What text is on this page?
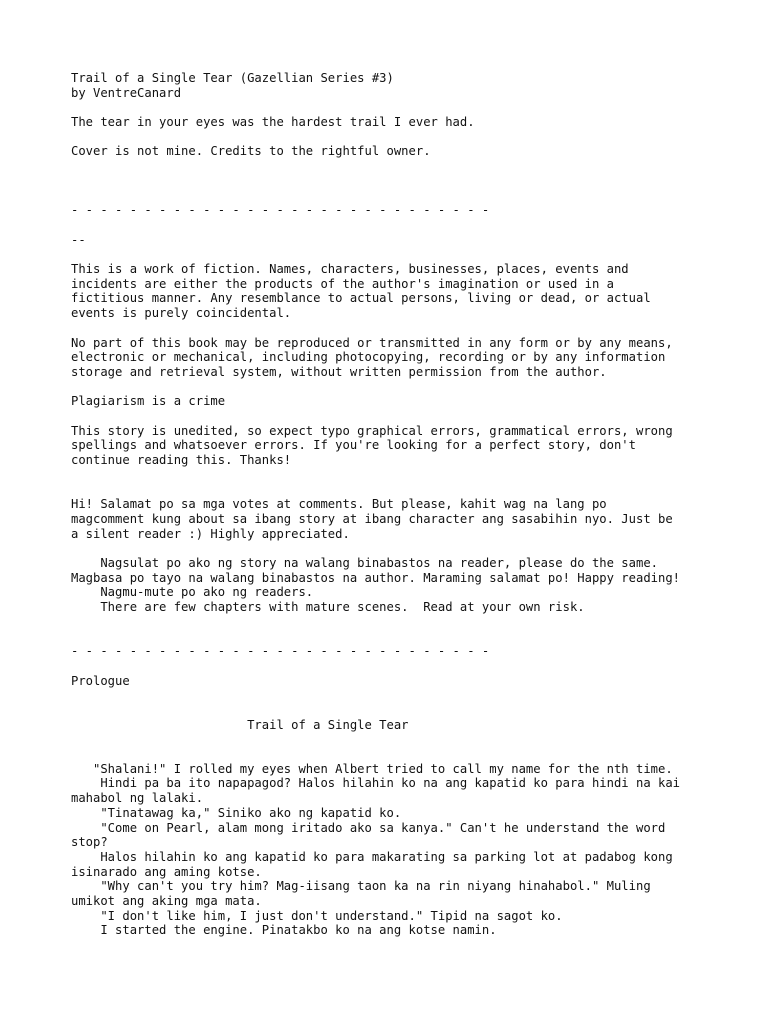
Trail of a Single Tear (Gazellian Series #3)
by VentreCanard
The tear in your eyes was the hardest trail I ever had.
Cover is not mine. Credits to the rightful owner.
- - - - - - - - - - - - - - - - - - - - - - - - - - - - -
--
This is a work of fiction. Names, characters, businesses, places, events and
incidents are either the products of the author's imagination or used in a
fictitious manner. Any resemblance to actual persons, living or dead, or actual
events is purely coincidental.
No part of this book may be reproduced or transmitted in any form or by any means,
electronic or mechanical, including photocopying, recording or by any information
storage and retrieval system, without written permission from the author.
Plagiarism is a crime
This story is unedited, so expect typo graphical errors, grammatical errors, wrong
spellings and whatsoever errors. If you're looking for a perfect story, don't
continue reading this. Thanks!
Hi! Salamat po sa mga votes at comments. But please, kahit wag na lang po
magcomment kung about sa ibang story at ibang character ang sasabihin nyo. Just be
a silent reader :) Highly appreciated.
Nagsulat po ako ng story na walang binabastos na reader, please do the same.
Magbasa po tayo na walang binabastos na author. Maraming salamat po! Happy reading!
Nagmu-mute po ako ng readers.
There are few chapters with mature scenes.  Read at your own risk.
- - - - - - - - - - - - - - - - - - - - - - - - - - - - -
Prologue
Trail of a Single Tear
"Shalani!" I rolled my eyes when Albert tried to call my name for the nth time.
Hindi pa ba ito napapagod? Halos hilahin ko na ang kapatid ko para hindi na kai
mahabol ng lalaki.
"Tinatawag ka," Siniko ako ng kapatid ko.
"Come on Pearl, alam mong iritado ako sa kanya." Can't he understand the word
stop?
Halos hilahin ko ang kapatid ko para makarating sa parking lot at padabog kong
isinarado ang aming kotse.
"Why can't you try him? Mag-iisang taon ka na rin niyang hinahabol." Muling
umikot ang aking mga mata.
"I don't like him, I just don't understand." Tipid na sagot ko.
I started the engine. Pinatakbo ko na ang kotse namin.
